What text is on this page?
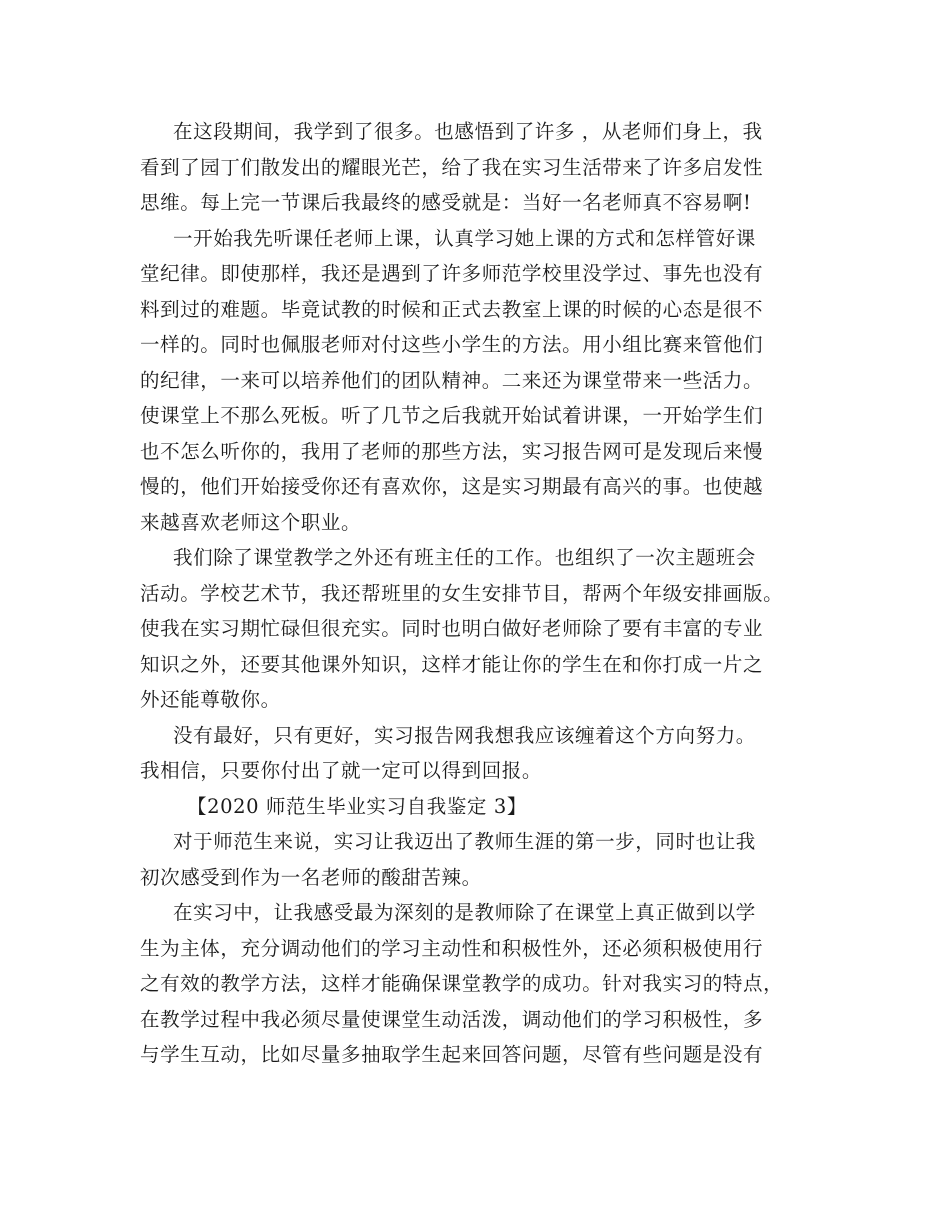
在这段期间，我学到了很多。也感悟到了许多 ，从老师们身上，我
看到了园丁们散发出的耀眼光芒，给了我在实习生活带来了许多启发性
思维。每上完一节课后我最终的感受就是：当好一名老师真不容易啊!
一开始我先听课任老师上课，认真学习她上课的方式和怎样管好课
堂纪律。即使那样，我还是遇到了许多师范学校里没学过、事先也没有
料到过的难题。毕竟试教的时候和正式去教室上课的时候的心态是很不
一样的。同时也佩服老师对付这些小学生的方法。用小组比赛来管他们
的纪律，一来可以培养他们的团队精神。二来还为课堂带来一些活力。
使课堂上不那么死板。听了几节之后我就开始试着讲课，一开始学生们
也不怎么听你的，我用了老师的那些方法，实习报告网可是发现后来慢
慢的，他们开始接受你还有喜欢你，这是实习期最有高兴的事。也使越
来越喜欢老师这个职业。
我们除了课堂教学之外还有班主任的工作。也组织了一次主题班会
活动。学校艺术节，我还帮班里的女生安排节目，帮两个年级安排画版。
使我在实习期忙碌但很充实。同时也明白做好老师除了要有丰富的专业
知识之外，还要其他课外知识，这样才能让你的学生在和你打成一片之
外还能尊敬你。
没有最好，只有更好，实习报告网我想我应该缠着这个方向努力。
我相信，只要你付出了就一定可以得到回报。
【2020 师范生毕业实习自我鉴定 3】
对于师范生来说，实习让我迈出了教师生涯的第一步，同时也让我
初次感受到作为一名老师的酸甜苦辣。
在实习中，让我感受最为深刻的是教师除了在课堂上真正做到以学
生为主体，充分调动他们的学习主动性和积极性外，还必须积极使用行
之有效的教学方法，这样才能确保课堂教学的成功。针对我实习的特点，
在教学过程中我必须尽量使课堂生动活泼，调动他们的学习积极性，多
与学生互动，比如尽量多抽取学生起来回答问题，尽管有些问题是没有
